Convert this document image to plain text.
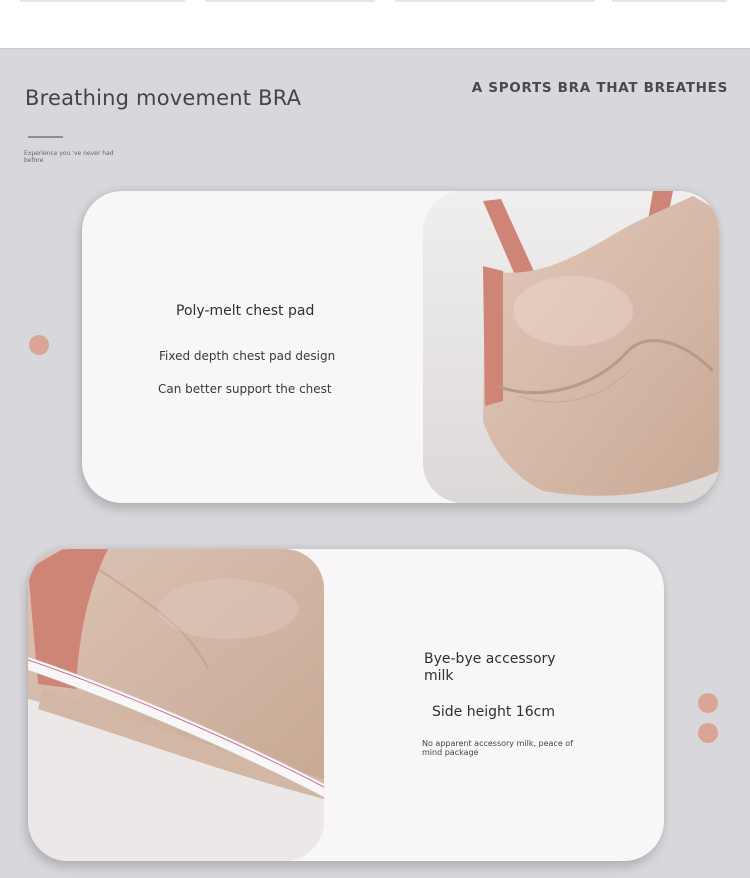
Breathing movement BRA	A SPORTS BRA THAT BREATHES
Experience you 've never had before
Poly-melt chest pad
Fixed depth chest pad design
Can better support the chest
Bye-bye accessory milk
Side height 16cm
No apparent accessory milk, peace of mind package
